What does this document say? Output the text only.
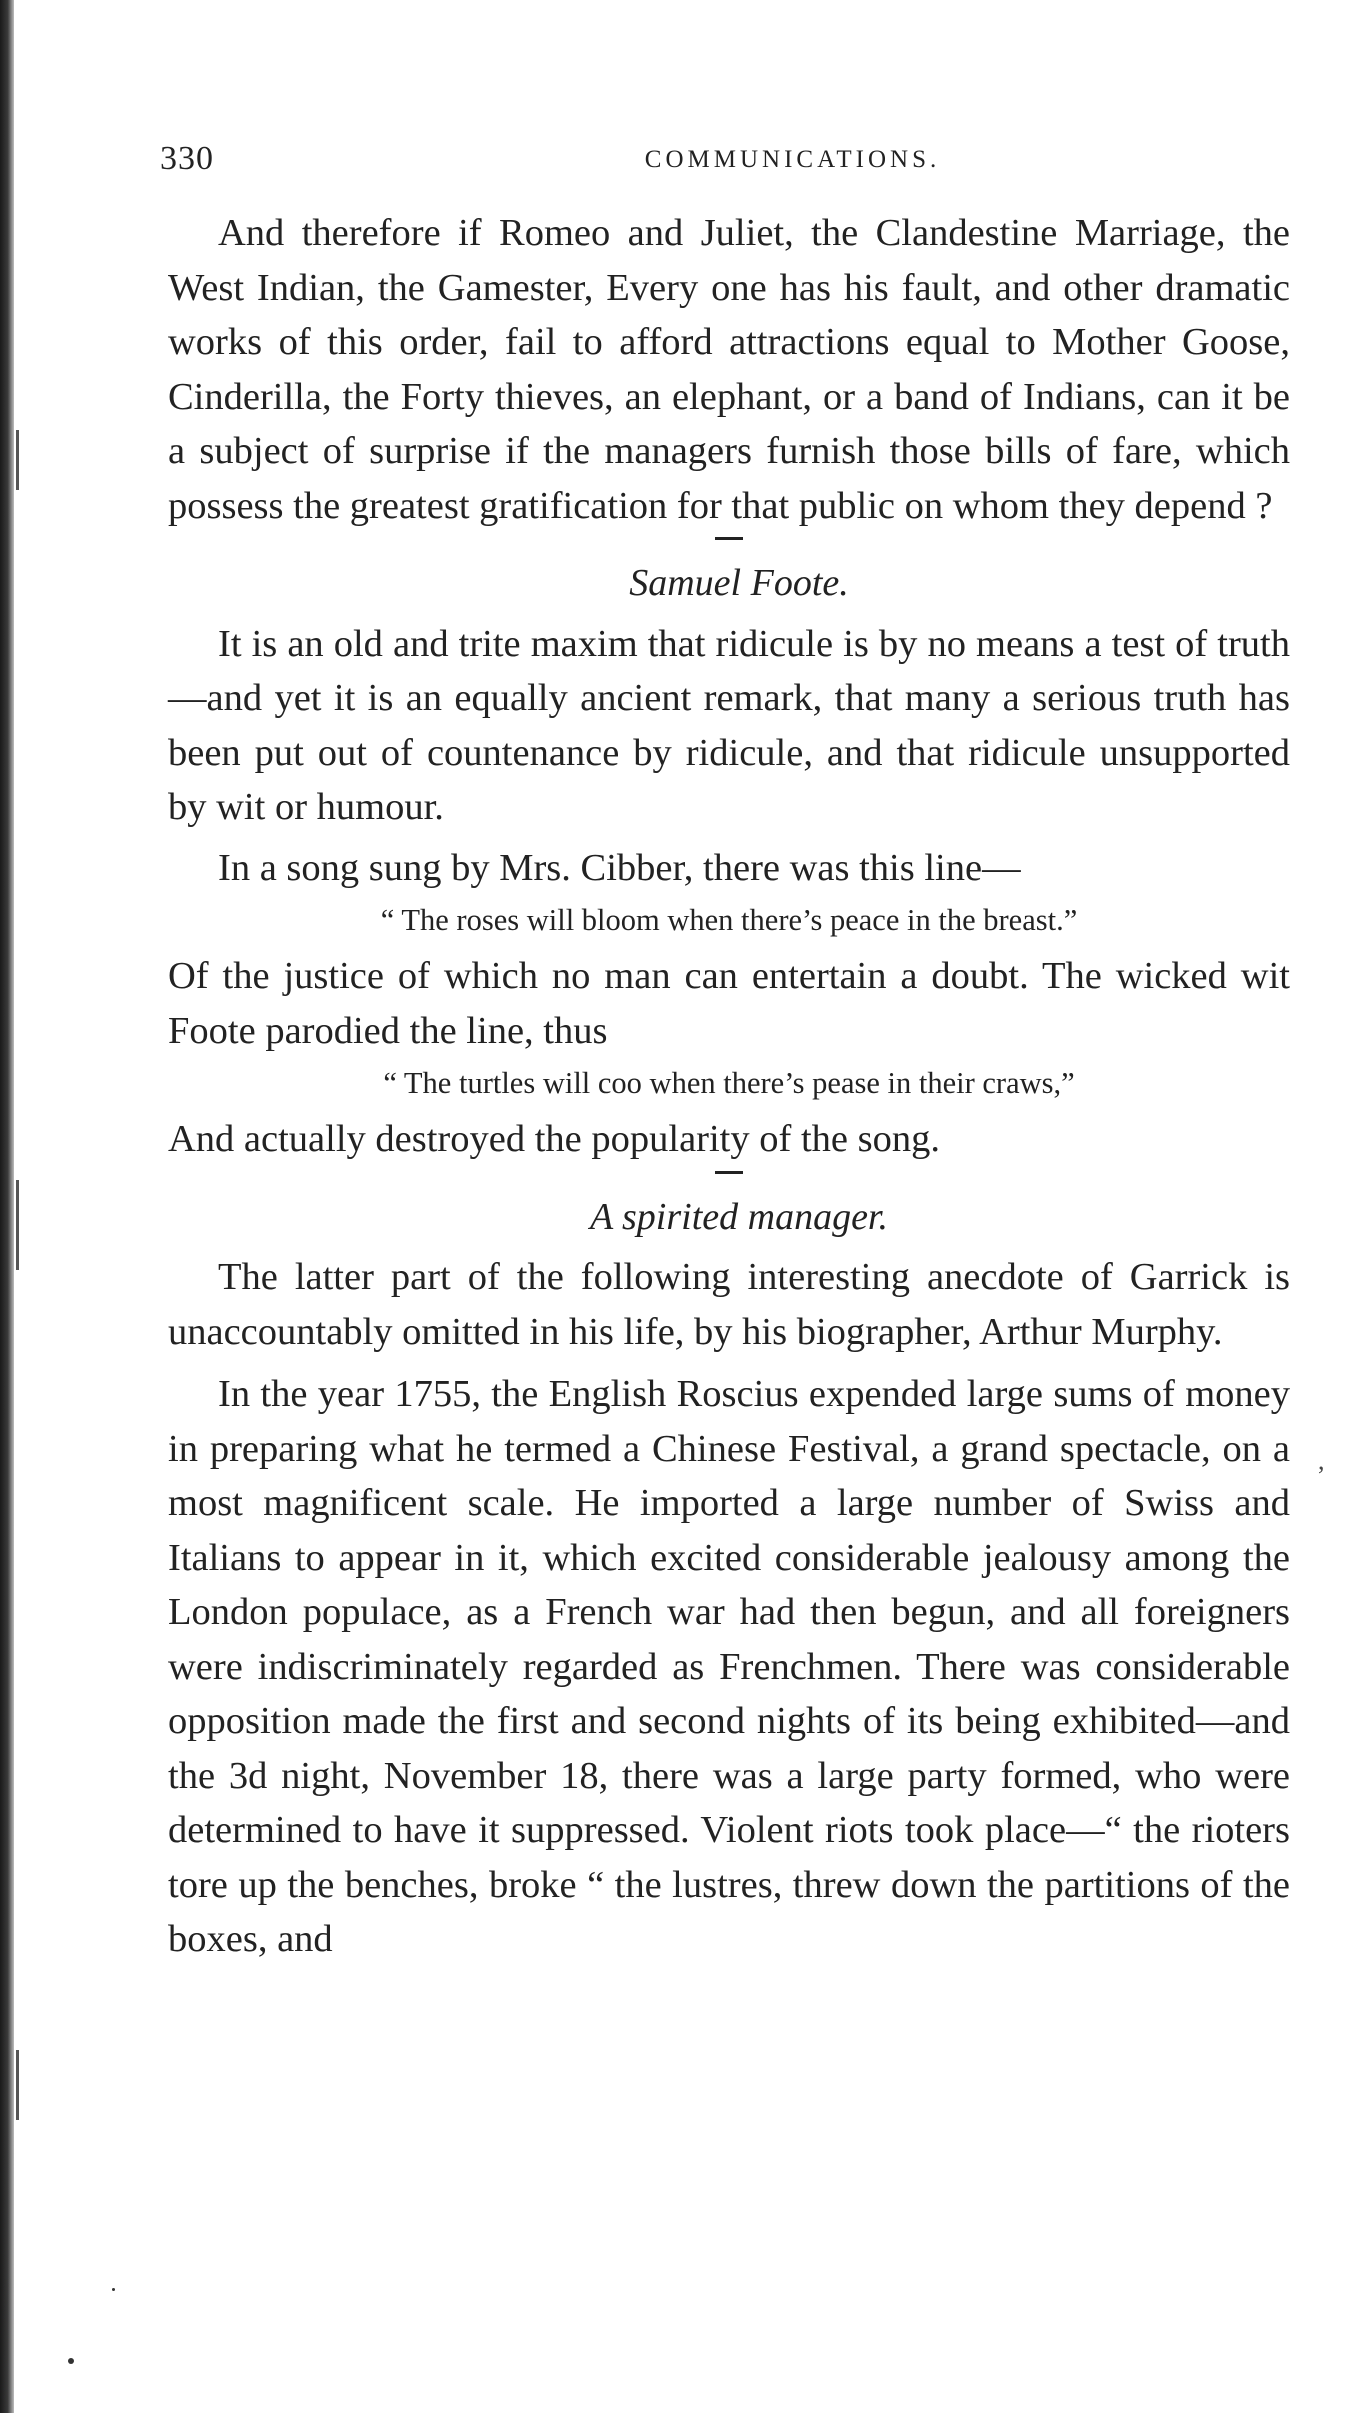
330	COMMUNICATIONS.

And therefore if Romeo and Juliet, the Clandestine Marriage, the West Indian, the Gamester, Every one has his fault, and other dramatic works of this order, fail to afford attractions equal to Mother Goose, Cinderilla, the Forty thieves, an elephant, or a band of Indians, can it be a subject of surprise if the managers furnish those bills of fare, which possess the greatest gratification for that public on whom they depend ?

Samuel Foote.

It is an old and trite maxim that ridicule is by no means a test of truth—and yet it is an equally ancient remark, that many a serious truth has been put out of countenance by ridicule, and that ridicule unsupported by wit or humour.

In a song sung by Mrs. Cibber, there was this line—

“ The roses will bloom when there’s peace in the breast.”

Of the justice of which no man can entertain a doubt. The wicked wit Foote parodied the line, thus

“ The turtles will coo when there’s pease in their craws,”

And actually destroyed the popularity of the song.

A spirited manager.

The latter part of the following interesting anecdote of Garrick is unaccountably omitted in his life, by his biographer, Arthur Murphy.

In the year 1755, the English Roscius expended large sums of money in preparing what he termed a Chinese Festival, a grand spectacle, on a most magnificent scale. He imported a large number of Swiss and Italians to appear in it, which excited considerable jealousy among the London populace, as a French war had then begun, and all foreigners were indiscriminately regarded as Frenchmen. There was considerable opposition made the first and second nights of its being exhibited—and the 3d night, November 18, there was a large party formed, who were determined to have it suppressed. Violent riots took place—“ the rioters tore up the benches, broke “ the lustres, threw down the partitions of the boxes, and

,
